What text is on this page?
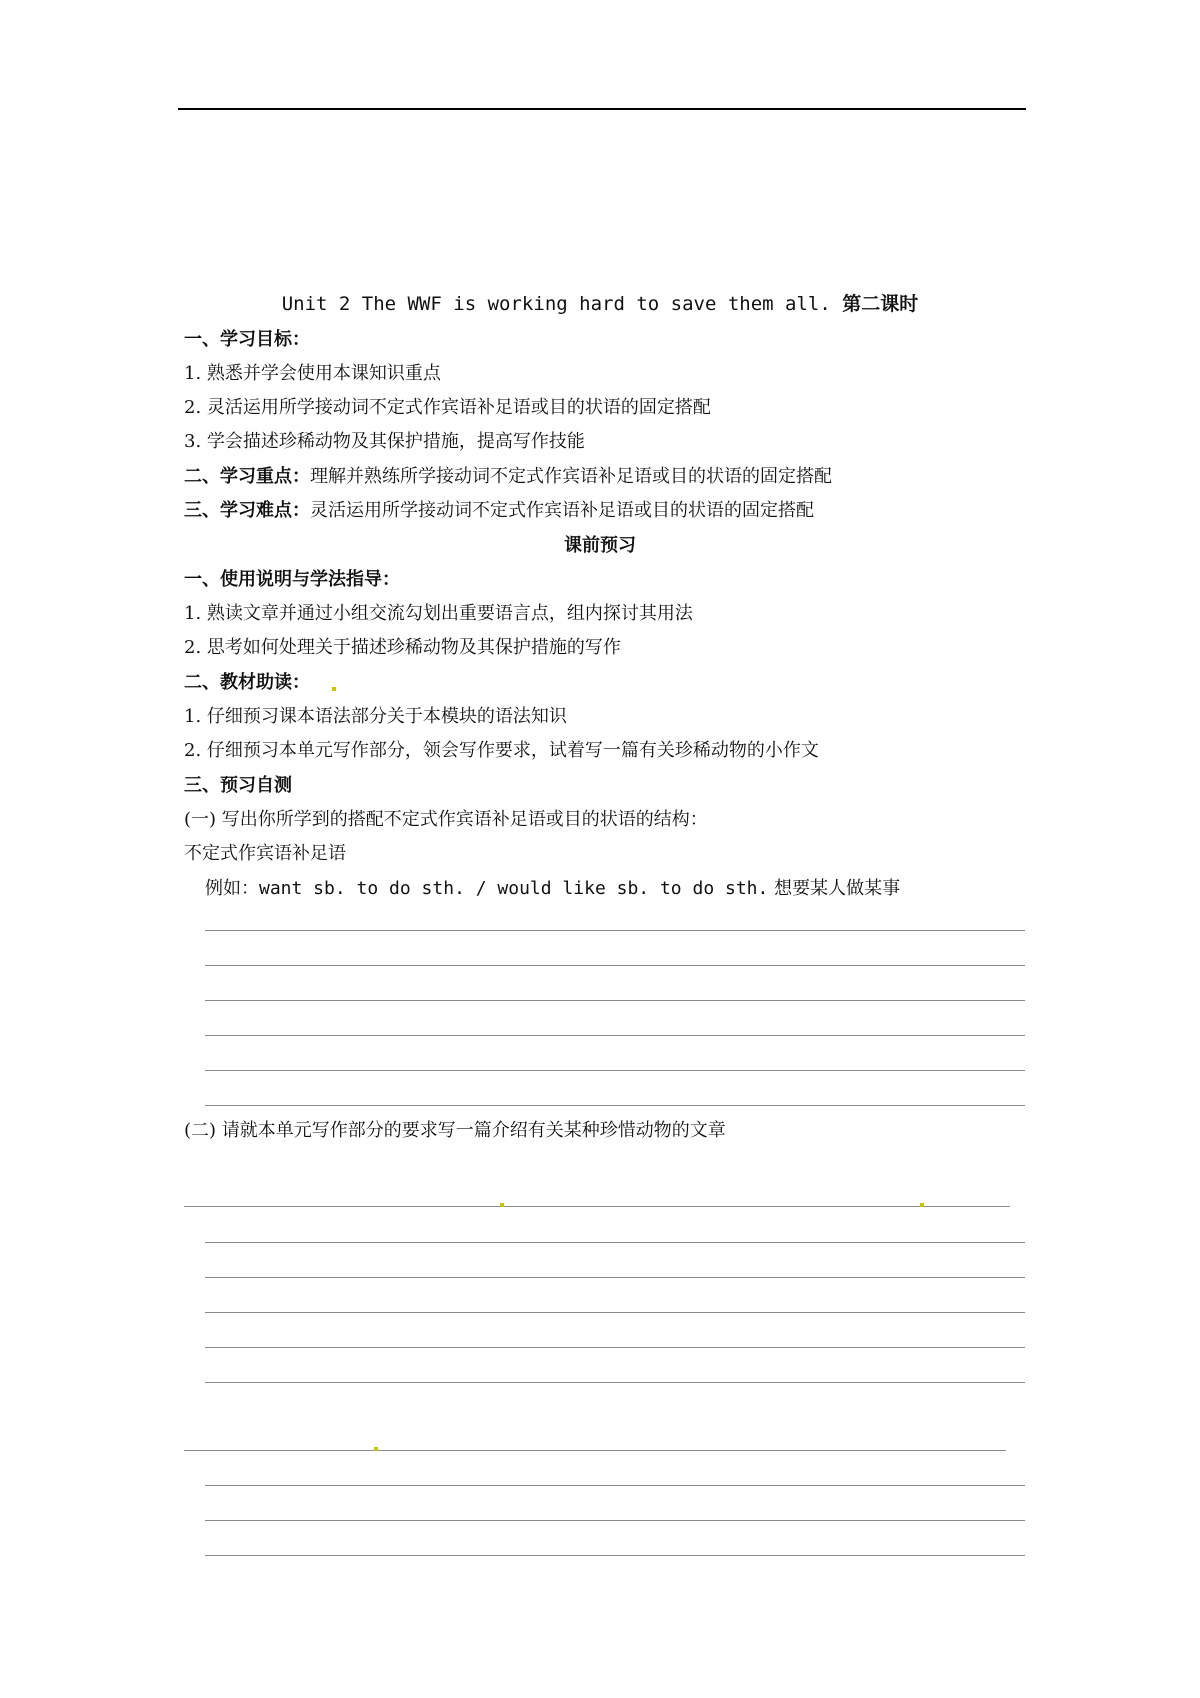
Unit 2 The WWF is working hard to save them all. 第二课时
一、学习目标：
1. 熟悉并学会使用本课知识重点
2. 灵活运用所学接动词不定式作宾语补足语或目的状语的固定搭配
3. 学会描述珍稀动物及其保护措施，提高写作技能
二、学习重点：理解并熟练所学接动词不定式作宾语补足语或目的状语的固定搭配
三、学习难点：灵活运用所学接动词不定式作宾语补足语或目的状语的固定搭配
课前预习
一、使用说明与学法指导：
1. 熟读文章并通过小组交流勾划出重要语言点，组内探讨其用法
2. 思考如何处理关于描述珍稀动物及其保护措施的写作
二、教材助读：
1. 仔细预习课本语法部分关于本模块的语法知识
2. 仔细预习本单元写作部分，领会写作要求，试着写一篇有关珍稀动物的小作文
三、预习自测
(一) 写出你所学到的搭配不定式作宾语补足语或目的状语的结构：
不定式作宾语补足语
例如：want sb. to do sth. / would like sb. to do sth. 想要某人做某事
(二) 请就本单元写作部分的要求写一篇介绍有关某种珍惜动物的文章
